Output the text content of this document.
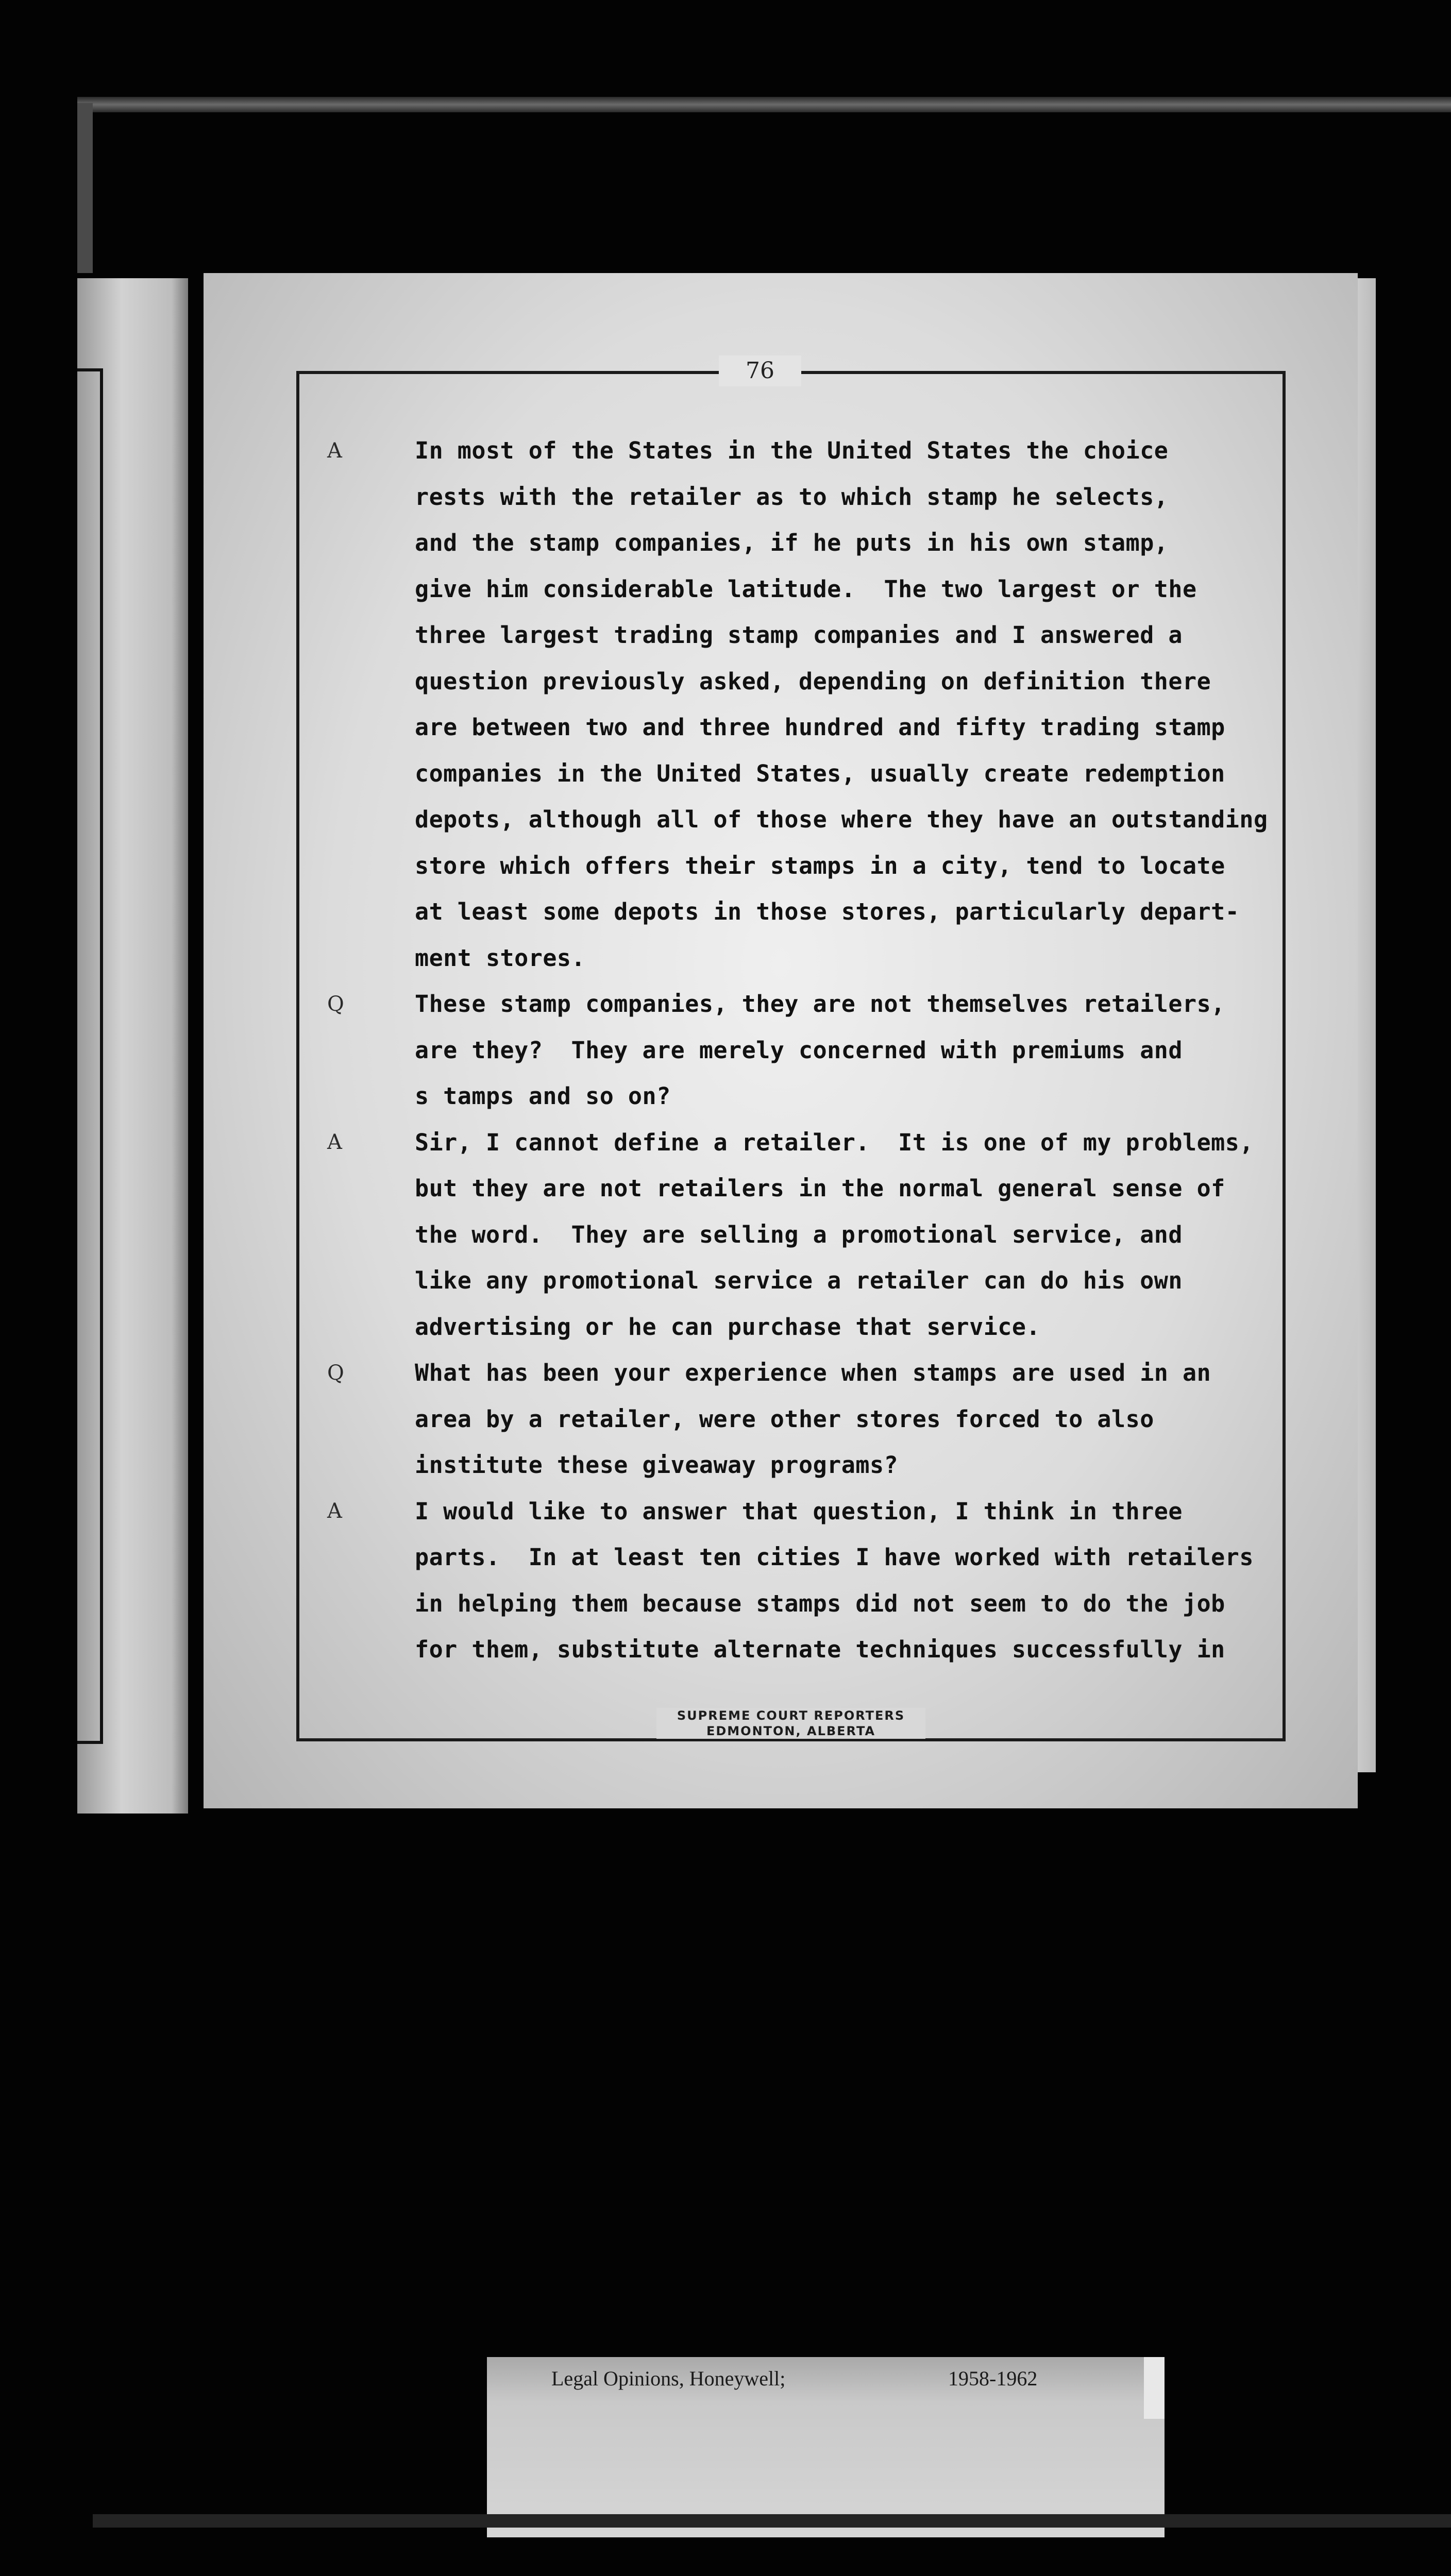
76
A	In most of the States in the United States the choice
rests with the retailer as to which stamp he selects,
and the stamp companies, if he puts in his own stamp,
give him considerable latitude.  The two largest or the
three largest trading stamp companies and I answered a
question previously asked, depending on definition there
are between two and three hundred and fifty trading stamp
companies in the United States, usually create redemption
depots, although all of those where they have an outstanding
store which offers their stamps in a city, tend to locate
at least some depots in those stores, particularly depart-
ment stores.
Q	These stamp companies, they are not themselves retailers,
are they?  They are merely concerned with premiums and
s tamps and so on?
A	Sir, I cannot define a retailer.  It is one of my problems,
but they are not retailers in the normal general sense of
the word.  They are selling a promotional service, and
like any promotional service a retailer can do his own
advertising or he can purchase that service.
Q	What has been your experience when stamps are used in an
area by a retailer, were other stores forced to also
institute these giveaway programs?
A	I would like to answer that question, I think in three
parts.  In at least ten cities I have worked with retailers
in helping them because stamps did not seem to do the job
for them, substitute alternate techniques successfully in
SUPREME COURT REPORTERS
EDMONTON, ALBERTA
Legal Opinions, Honeywell;	1958-1962
